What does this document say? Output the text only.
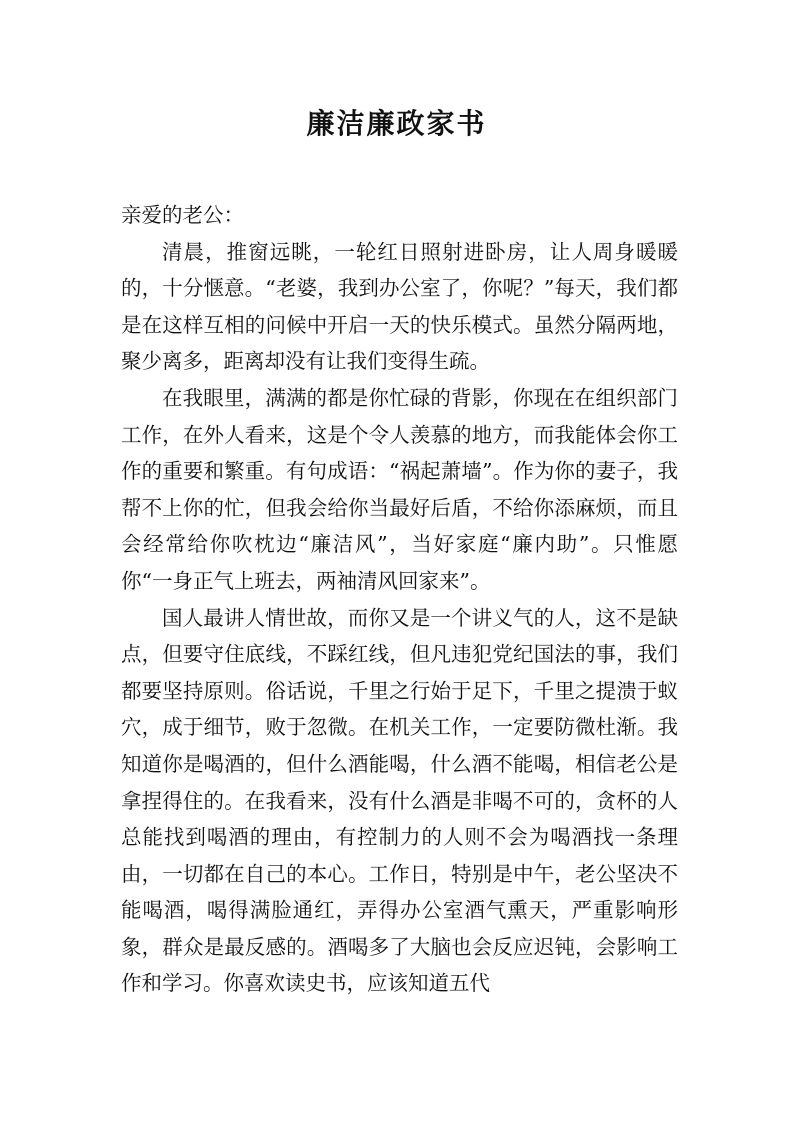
廉洁廉政家书

亲爱的老公：

清晨，推窗远眺，一轮红日照射进卧房，让人周身暖暖的，十分惬意。“老婆，我到办公室了，你呢？”每天，我们都是在这样互相的问候中开启一天的快乐模式。虽然分隔两地，聚少离多，距离却没有让我们变得生疏。

在我眼里，满满的都是你忙碌的背影，你现在在组织部门工作，在外人看来，这是个令人羡慕的地方，而我能体会你工作的重要和繁重。有句成语：“祸起萧墙”。作为你的妻子，我帮不上你的忙，但我会给你当最好后盾，不给你添麻烦，而且会经常给你吹枕边“廉洁风”，当好家庭“廉内助”。只惟愿你“一身正气上班去，两袖清风回家来”。

国人最讲人情世故，而你又是一个讲义气的人，这不是缺点，但要守住底线，不踩红线，但凡违犯党纪国法的事，我们都要坚持原则。俗话说，千里之行始于足下，千里之提溃于蚁穴，成于细节，败于忽微。在机关工作，一定要防微杜渐。我知道你是喝酒的，但什么酒能喝，什么酒不能喝，相信老公是拿捏得住的。在我看来，没有什么酒是非喝不可的，贪杯的人总能找到喝酒的理由，有控制力的人则不会为喝酒找一条理由，一切都在自己的本心。工作日，特别是中午，老公坚决不能喝酒，喝得满脸通红，弄得办公室酒气熏天，严重影响形象，群众是最反感的。酒喝多了大脑也会反应迟钝，会影响工作和学习。你喜欢读史书，应该知道五代
